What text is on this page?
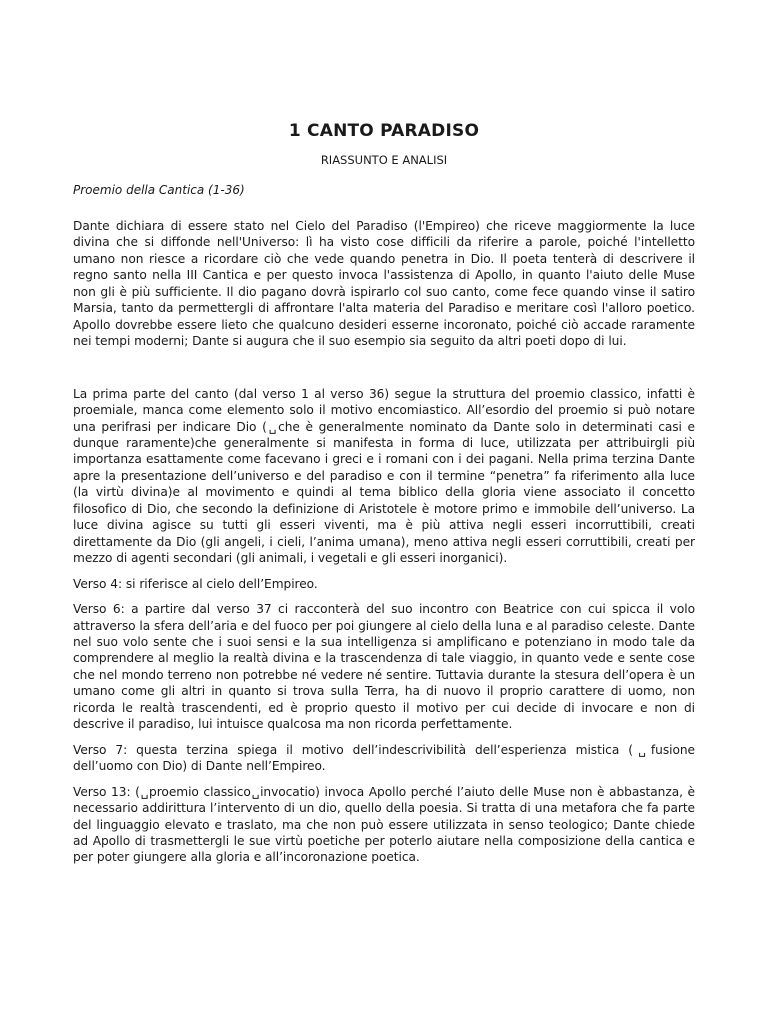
1 CANTO PARADISO
RIASSUNTO E ANALISI
Proemio della Cantica (1-36)

Dante dichiara di essere stato nel Cielo del Paradiso (l'Empireo) che riceve maggiormente la luce divina che si diffonde nell'Universo: lì ha visto cose difficili da riferire a parole, poiché l'intelletto umano non riesce a ricordare ciò che vede quando penetra in Dio. Il poeta tenterà di descrivere il regno santo nella III Cantica e per questo invoca l'assistenza di Apollo, in quanto l'aiuto delle Muse non gli è più sufficiente. Il dio pagano dovrà ispirarlo col suo canto, come fece quando vinse il satiro Marsia, tanto da permettergli di affrontare l'alta materia del Paradiso e meritare così l'alloro poetico. Apollo dovrebbe essere lieto che qualcuno desideri esserne incoronato, poiché ciò accade raramente nei tempi moderni; Dante si augura che il suo esempio sia seguito da altri poeti dopo di lui.

La prima parte del canto (dal verso 1 al verso 36) segue la struttura del proemio classico, infatti è proemiale, manca come elemento solo il motivo encomiastico. All’esordio del proemio si può notare una perifrasi per indicare Dio (␣che è generalmente nominato da Dante solo in determinati casi e dunque raramente)che generalmente si manifesta in forma di luce, utilizzata per attribuirgli più importanza esattamente come facevano i greci e i romani con i dei pagani. Nella prima terzina Dante apre la presentazione dell’universo e del paradiso e con il termine “penetra” fa riferimento alla luce (la virtù divina)e al movimento e quindi al tema biblico della gloria viene associato il concetto filosofico di Dio, che secondo la definizione di Aristotele è motore primo e immobile dell’universo. La luce divina agisce su tutti gli esseri viventi, ma è più attiva negli esseri incorruttibili, creati direttamente da Dio (gli angeli, i cieli, l’anima umana), meno attiva negli esseri corruttibili, creati per mezzo di agenti secondari (gli animali, i vegetali e gli esseri inorganici).

Verso 4: si riferisce al cielo dell’Empireo.

Verso 6: a partire dal verso 37 ci racconterà del suo incontro con Beatrice con cui spicca il volo attraverso la sfera dell’aria e del fuoco per poi giungere al cielo della luna e al paradiso celeste. Dante nel suo volo sente che i suoi sensi e la sua intelligenza si amplificano e potenziano in modo tale da comprendere al meglio la realtà divina e la trascendenza di tale viaggio, in quanto vede e sente cose che nel mondo terreno non potrebbe né vedere né sentire. Tuttavia durante la stesura dell’opera è un umano come gli altri in quanto si trova sulla Terra, ha di nuovo il proprio carattere di uomo, non ricorda le realtà trascendenti, ed è proprio questo il motivo per cui decide di invocare e non di descrive il paradiso, lui intuisce qualcosa ma non ricorda perfettamente.

Verso 7: questa terzina spiega il motivo dell’indescrivibilità dell’esperienza mistica (␣fusione dell’uomo con Dio) di Dante nell’Empireo.

Verso 13: (␣proemio classico␣invocatio) invoca Apollo perché l’aiuto delle Muse non è abbastanza, è necessario addirittura l’intervento di un dio, quello della poesia. Si tratta di una metafora che fa parte del linguaggio elevato e traslato, ma che non può essere utilizzata in senso teologico; Dante chiede ad Apollo di trasmettergli le sue virtù poetiche per poterlo aiutare nella composizione della cantica e per poter giungere alla gloria e all’incoronazione poetica.
